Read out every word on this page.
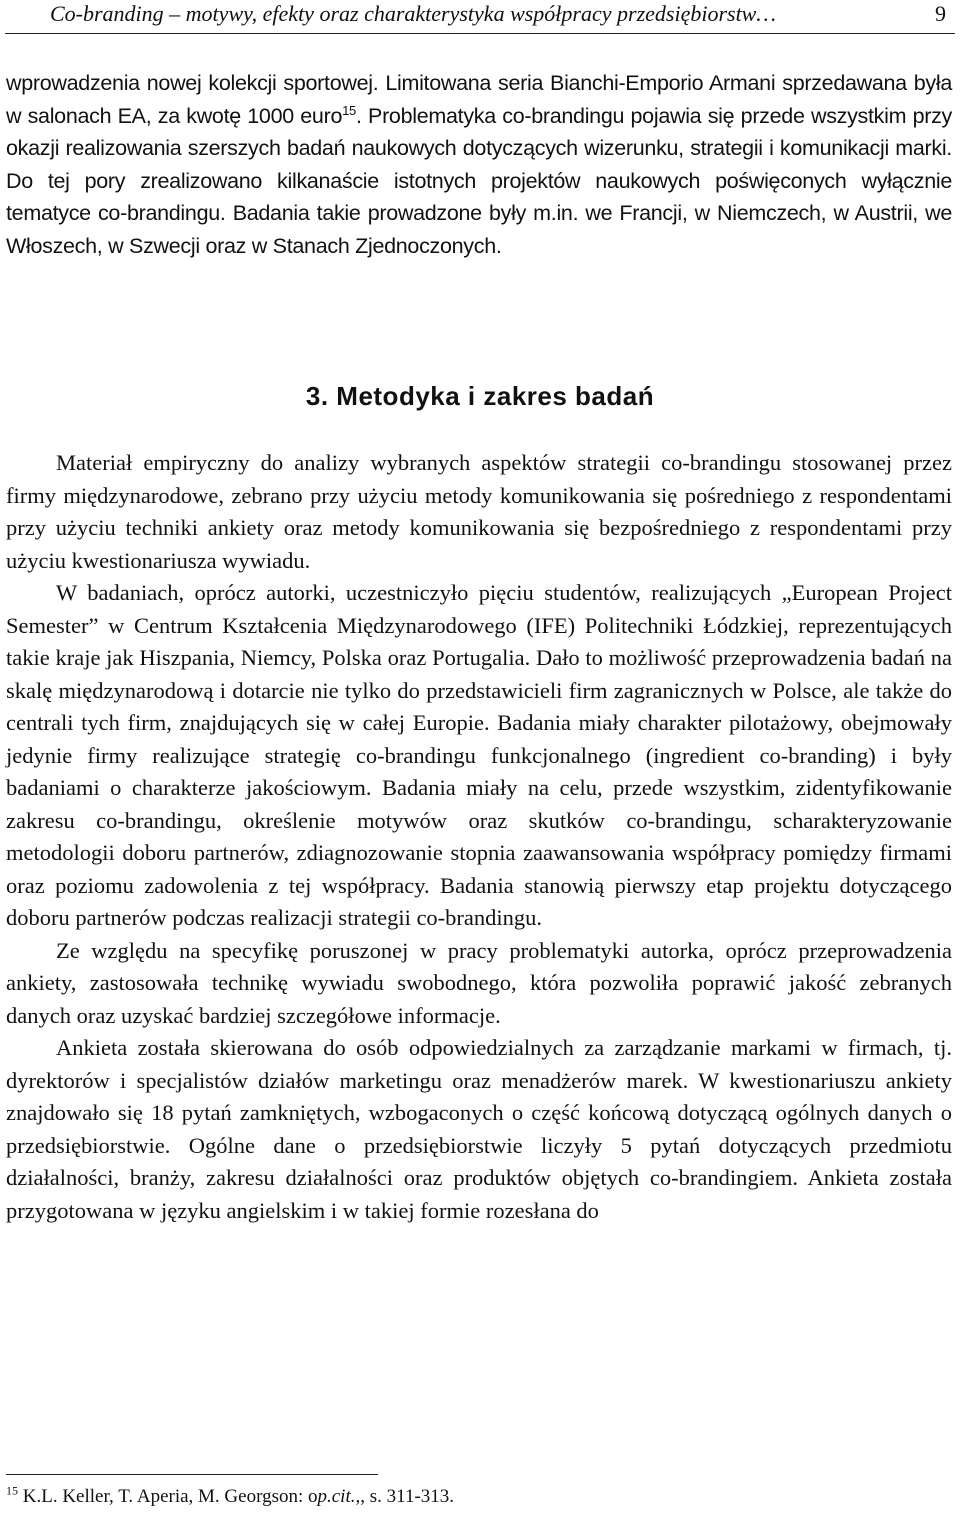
Co-branding – motywy, efekty oraz charakterystyka współpracy przedsiębiorstw…	9

wprowadzenia nowej kolekcji sportowej. Limitowana seria Bianchi-Emporio Armani sprzedawana była w salonach EA, za kwotę 1000 euro$^{15}$. Problematyka co-brandingu pojawia się przede wszystkim przy okazji realizowania szerszych badań naukowych dotyczących wizerunku, strategii i komunikacji marki. Do tej pory zrealizowano kilkanaście istotnych projektów naukowych poświęconych wyłącznie tematyce co-brandingu. Badania takie prowadzone były m.in. we Francji, w Niemczech, w Austrii, we Włoszech, w Szwecji oraz w Stanach Zjednoczonych.

3. Metodyka i zakres badań

Materiał empiryczny do analizy wybranych aspektów strategii co-brandingu stosowanej przez firmy międzynarodowe, zebrano przy użyciu metody komunikowania się pośredniego z respondentami przy użyciu techniki ankiety oraz metody komunikowania się bezpośredniego z respondentami przy użyciu kwestionariusza wywiadu.

W badaniach, oprócz autorki, uczestniczyło pięciu studentów, realizujących „European Project Semester” w Centrum Kształcenia Międzynarodowego (IFE) Politechniki Łódzkiej, reprezentujących takie kraje jak Hiszpania, Niemcy, Polska oraz Portugalia. Dało to możliwość przeprowadzenia badań na skalę międzynarodową i dotarcie nie tylko do przedstawicieli firm zagranicznych w Polsce, ale także do centrali tych firm, znajdujących się w całej Europie. Badania miały charakter pilotażowy, obejmowały jedynie firmy realizujące strategię co-brandingu funkcjonalnego (ingredient co-branding) i były badaniami o charakterze jakościowym. Badania miały na celu, przede wszystkim, zidentyfikowanie zakresu co-brandingu, określenie motywów oraz skutków co-brandingu, scharakteryzowanie metodologii doboru partnerów, zdiagnozowanie stopnia zaawansowania współpracy pomiędzy firmami oraz poziomu zadowolenia z tej współpracy. Badania stanowią pierwszy etap projektu dotyczącego doboru partnerów podczas realizacji strategii co-brandingu.

Ze względu na specyfikę poruszonej w pracy problematyki autorka, oprócz przeprowadzenia ankiety, zastosowała technikę wywiadu swobodnego, która pozwoliła poprawić jakość zebranych danych oraz uzyskać bardziej szczegółowe informacje.

Ankieta została skierowana do osób odpowiedzialnych za zarządzanie markami w firmach, tj. dyrektorów i specjalistów działów marketingu oraz menadżerów marek. W kwestionariuszu ankiety znajdowało się 18 pytań zamkniętych, wzbogaconych o część końcową dotyczącą ogólnych danych o przedsiębiorstwie. Ogólne dane o przedsiębiorstwie liczyły 5 pytań dotyczących przedmiotu działalności, branży, zakresu działalności oraz produktów objętych co-brandingiem. Ankieta została przygotowana w języku angielskim i w takiej formie rozesłana do

$^{15}$ K.L. Keller, T. Aperia, M. Georgson: op.cit.,, s. 311-313.
